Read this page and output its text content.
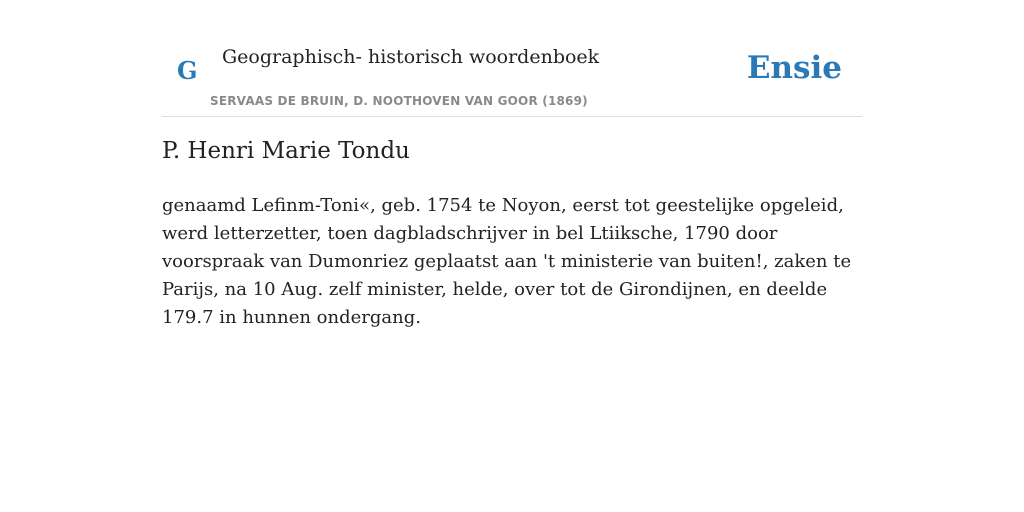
G Geographisch- historisch woordenboek
SERVAAS DE BRUIN, D. NOOTHOVEN VAN GOOR (1869)
Ensie
P. Henri Marie Tondu

genaamd Lefinm-Toni«, geb. 1754 te Noyon, eerst tot geestelijke opgeleid, werd letterzetter, toen dagbladschrijver in bel Ltiiksche, 1790 door voorspraak van Dumonriez geplaatst aan 't ministerie van buiten!, zaken te Parijs, na 10 Aug. zelf minister, helde, over tot de Girondijnen, en deelde 179.7 in hunnen ondergang.
